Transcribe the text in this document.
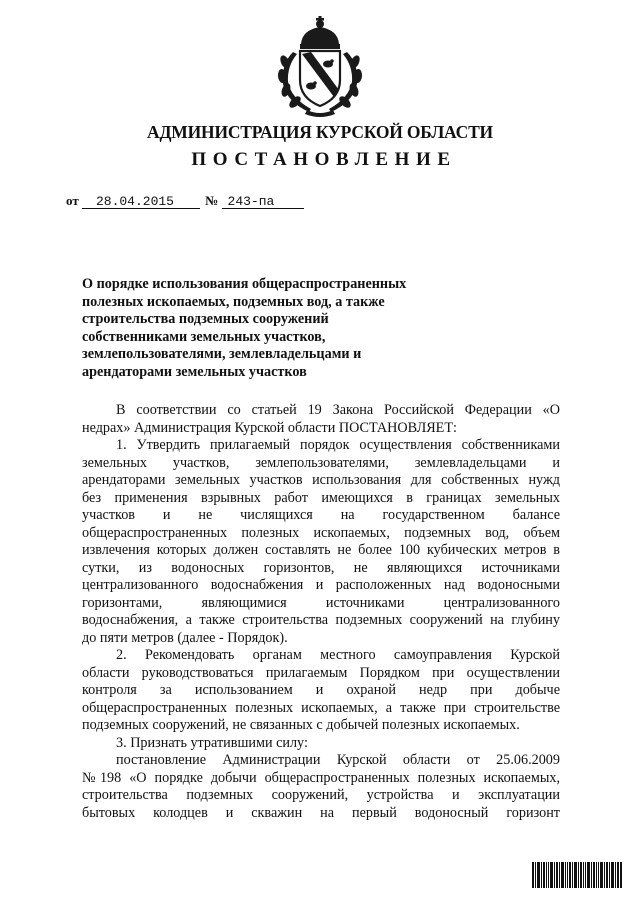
АДМИНИСТРАЦИЯ КУРСКОЙ ОБЛАСТИ
ПОСТАНОВЛЕНИЕ
от 28.04.2015 № 243-па
О порядке использования общераспространенных
полезных ископаемых, подземных вод, а также
строительства подземных сооружений
собственниками земельных участков,
землепользователями, землевладельцами и
арендаторами земельных участков
В соответствии со статьей 19 Закона Российской Федерации «О
недрах» Администрация Курской области ПОСТАНОВЛЯЕТ:
1. Утвердить прилагаемый порядок осуществления собственниками
земельных участков, землепользователями, землевладельцами и
арендаторами земельных участков использования для собственных нужд
без применения взрывных работ имеющихся в границах земельных
участков и не числящихся на государственном балансе
общераспространенных полезных ископаемых, подземных вод, объем
извлечения которых должен составлять не более 100 кубических метров в
сутки, из водоносных горизонтов, не являющихся источниками
централизованного водоснабжения и расположенных над водоносными
горизонтами, являющимися источниками централизованного
водоснабжения, а также строительства подземных сооружений на глубину
до пяти метров (далее - Порядок).
2. Рекомендовать органам местного самоуправления Курской
области руководствоваться прилагаемым Порядком при осуществлении
контроля за использованием и охраной недр при добыче
общераспространенных полезных ископаемых, а также при строительстве
подземных сооружений, не связанных с добычей полезных ископаемых.
3. Признать утратившими силу:
постановление Администрации Курской области от 25.06.2009
№198 «О порядке добычи общераспространенных полезных ископаемых,
строительства подземных сооружений, устройства и эксплуатации
бытовых колодцев и скважин на первый водоносный горизонт
